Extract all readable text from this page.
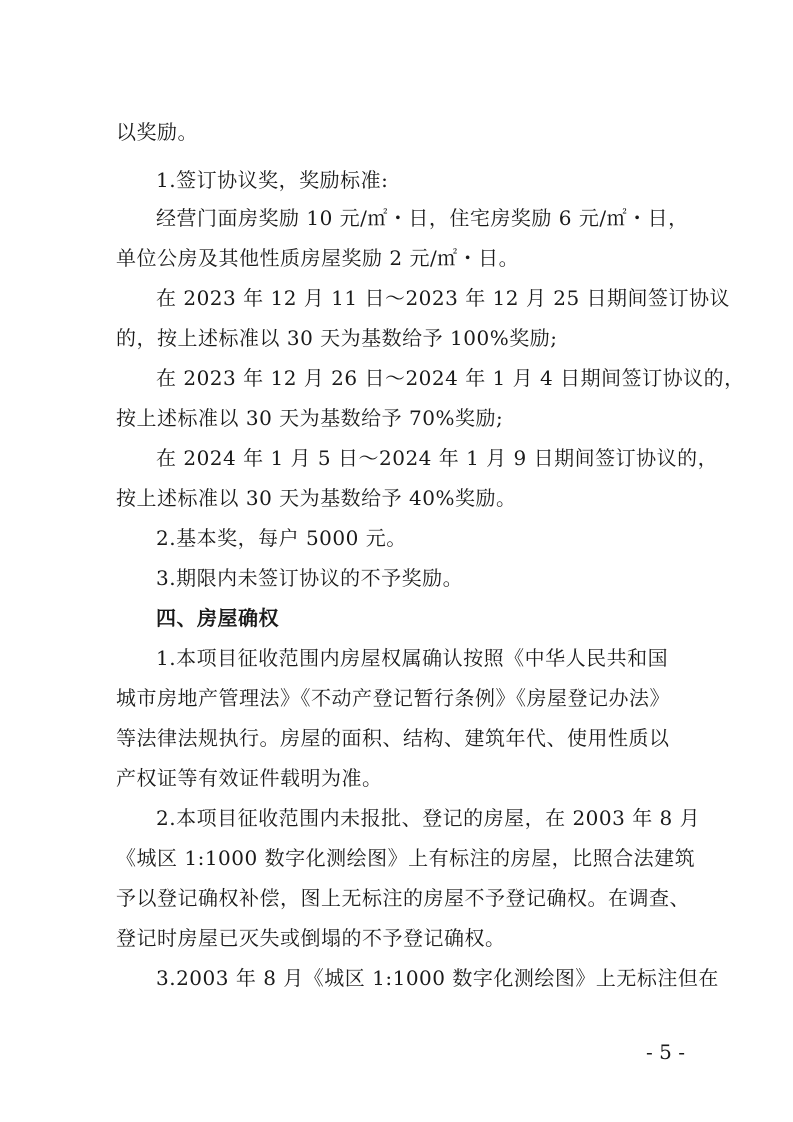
以奖励。
1.签订协议奖，奖励标准:
经营门面房奖励 10 元/㎡・日，住宅房奖励 6 元/㎡・日，
单位公房及其他性质房屋奖励 2 元/㎡・日。
在 2023 年 12 月 11 日～2023 年 12 月 25 日期间签订协议
的，按上述标准以 30 天为基数给予 100%奖励;
在 2023 年 12 月 26 日～2024 年 1 月 4 日期间签订协议的，
按上述标准以 30 天为基数给予 70%奖励;
在 2024 年 1 月 5 日～2024 年 1 月 9 日期间签订协议的，
按上述标准以 30 天为基数给予 40%奖励。
2.基本奖，每户 5000 元。
3.期限内未签订协议的不予奖励。
四、房屋确权
1.本项目征收范围内房屋权属确认按照《中华人民共和国
城市房地产管理法》《不动产登记暂行条例》《房屋登记办法》
等法律法规执行。房屋的面积、结构、建筑年代、使用性质以
产权证等有效证件载明为准。
2.本项目征收范围内未报批、登记的房屋，在 2003 年 8 月
《城区 1:1000 数字化测绘图》上有标注的房屋，比照合法建筑
予以登记确权补偿，图上无标注的房屋不予登记确权。在调查、
登记时房屋已灭失或倒塌的不予登记确权。
3.2003 年 8 月《城区 1:1000 数字化测绘图》上无标注但在
- 5 -
